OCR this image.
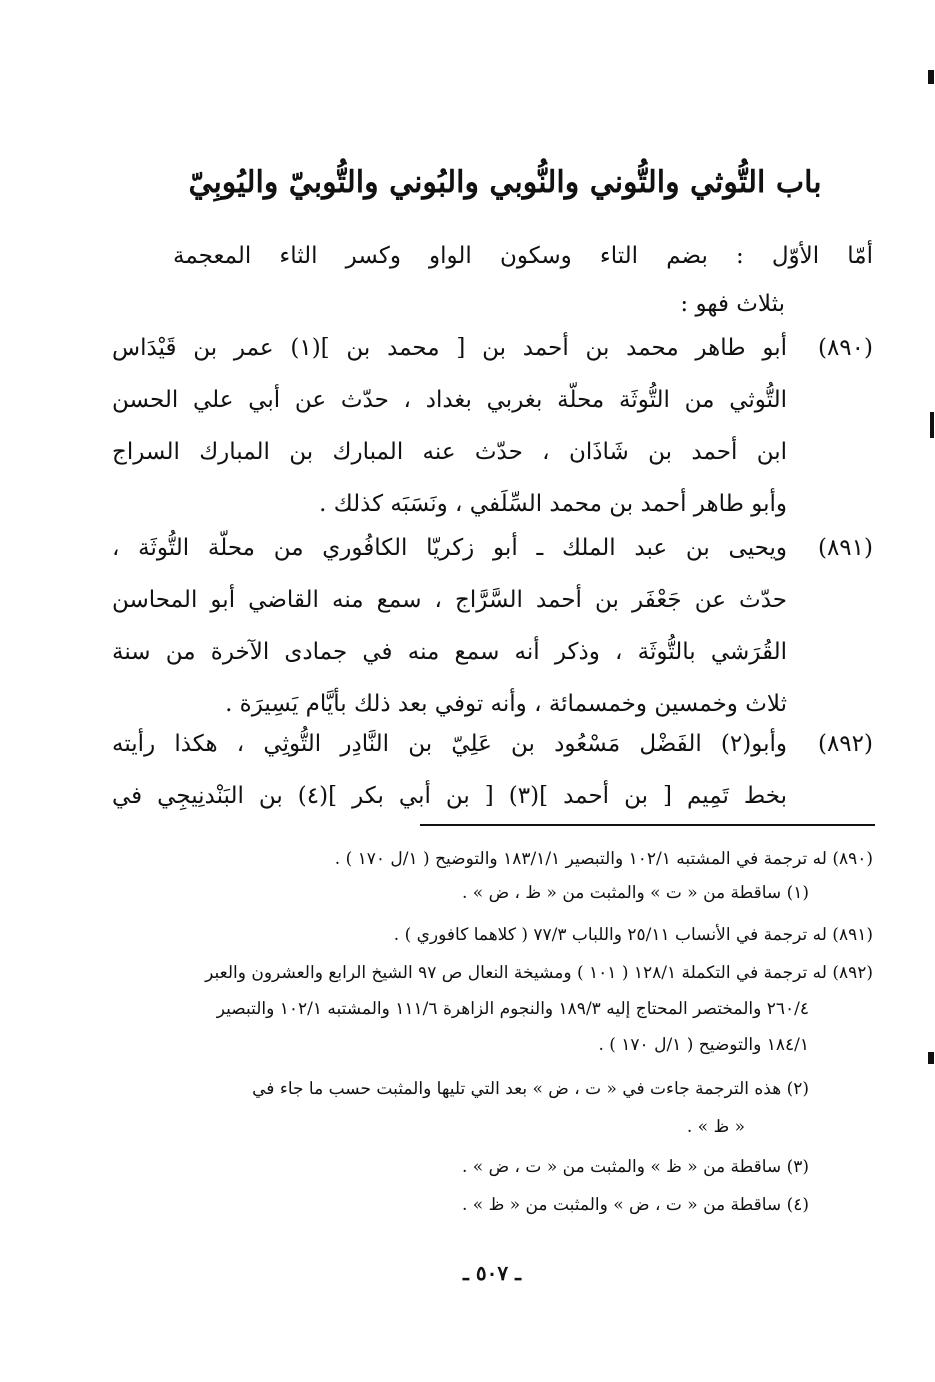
باب التُّوثي والتُّوني والنُّوبي والبُوني والتُّوبيّ واليُوبِيّ
أمّا الأوّل : بضم التاء وسكون الواو وكسر الثاء المعجمة
بثلاث فهو :
(٨٩٠)
أبو طاهر محمد بن أحمد بن [ محمد بن ](١) عمر بن قَيْدَاس
التُّوثي من التُّوثَة محلّة بغربي بغداد ، حدّث عن أبي علي الحسن
ابن أحمد بن شَاذَان ، حدّث عنه المبارك بن المبارك السراج
وأبو طاهر أحمد بن محمد السِّلَفي ، ونَسَبَه كذلك .
(٨٩١)
ويحيى بن عبد الملك ـ أبو زكريّا الكافُوري من محلّة التُّوثَة ،
حدّث عن جَعْفَر بن أحمد السَّرَّاج ، سمع منه القاضي أبو المحاسن
القُرَشي بالتُّوثَة ، وذكر أنه سمع منه في جمادى الآخرة من سنة
ثلاث وخمسين وخمسمائة ، وأنه توفي بعد ذلك بأيَّام يَسِيرَة .
(٨٩٢)
وأبو(٢) الفَضْل مَسْعُود بن عَلِيّ بن النَّادِر التُّوثِي ، هكذا رأيته
بخط تَمِيم [ بن أحمد ](٣) [ بن أبي بكر ](٤) بن البَنْدنِيجِي في
(٨٩٠) له ترجمة في المشتبه ١٠٢/١ والتبصير ١٨٣/١/١ والتوضيح ( ١/ل ١٧٠ ) .
(١) ساقطة من « ت » والمثبت من « ظ ، ض » .
(٨٩١) له ترجمة في الأنساب ٢٥/١١ واللباب ٧٧/٣ ( كلاهما كافوري ) .
(٨٩٢) له ترجمة في التكملة ١٢٨/١ ( ١٠١ ) ومشيخة النعال ص ٩٧ الشيخ الرابع والعشرون والعبر
٢٦٠/٤ والمختصر المحتاج إليه ١٨٩/٣ والنجوم الزاهرة ١١١/٦ والمشتبه ١٠٢/١ والتبصير
١٨٤/١ والتوضيح ( ١/ل ١٧٠ ) .
(٢) هذه الترجمة جاءت في « ت ، ض » بعد التي تليها والمثبت حسب ما جاء في
« ظ » .
(٣) ساقطة من « ظ » والمثبت من « ت ، ض » .
(٤) ساقطة من « ت ، ض » والمثبت من « ظ » .
ـ ٥٠٧ ـ
